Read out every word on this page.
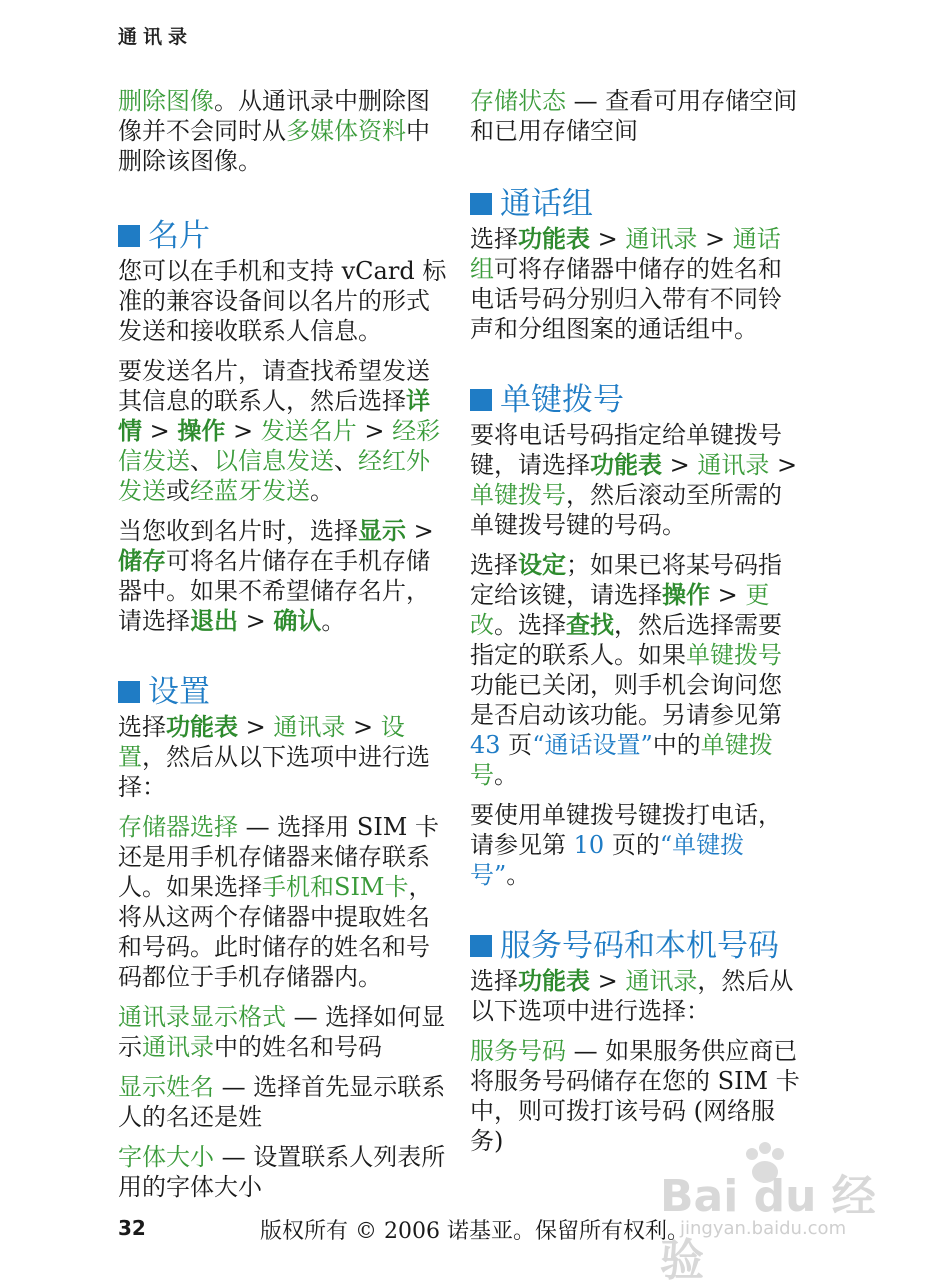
通讯录

删除图像。从通讯录中删除图像并不会同时从多媒体资料中删除该图像。

名片

您可以在手机和支持 vCard 标准的兼容设备间以名片的形式发送和接收联系人信息。

要发送名片，请查找希望发送其信息的联系人，然后选择详情 > 操作 > 发送名片 > 经彩信发送、以信息发送、经红外发送或经蓝牙发送。

当您收到名片时，选择显示 > 储存可将名片储存在手机存储器中。如果不希望储存名片，请选择退出 > 确认。

设置

选择功能表 > 通讯录 > 设置，然后从以下选项中进行选择：

存储器选择 — 选择用 SIM 卡还是用手机存储器来储存联系人。如果选择手机和SIM卡，将从这两个存储器中提取姓名和号码。此时储存的姓名和号码都位于手机存储器内。

通讯录显示格式 — 选择如何显示通讯录中的姓名和号码

显示姓名 — 选择首先显示联系人的名还是姓

字体大小 — 设置联系人列表所用的字体大小

存储状态 — 查看可用存储空间和已用存储空间

通话组

选择功能表 > 通讯录 > 通话组可将存储器中储存的姓名和电话号码分别归入带有不同铃声和分组图案的通话组中。

单键拨号

要将电话号码指定给单键拨号键，请选择功能表 > 通讯录 > 单键拨号，然后滚动至所需的单键拨号键的号码。

选择设定；如果已将某号码指定给该键，请选择操作 > 更改。选择查找，然后选择需要指定的联系人。如果单键拨号功能已关闭，则手机会询问您是否启动该功能。另请参见第 43 页“通话设置”中的单键拨号。

要使用单键拨号键拨打电话，请参见第 10 页的“单键拨号”。

服务号码和本机号码

选择功能表 > 通讯录，然后从以下选项中进行选择：

服务号码 — 如果服务供应商已将服务号码储存在您的 SIM 卡中，则可拨打该号码 (网络服务)

32	版权所有 © 2006 诺基亚。保留所有权利。
Bai du 经验
jingyan.baidu.com
